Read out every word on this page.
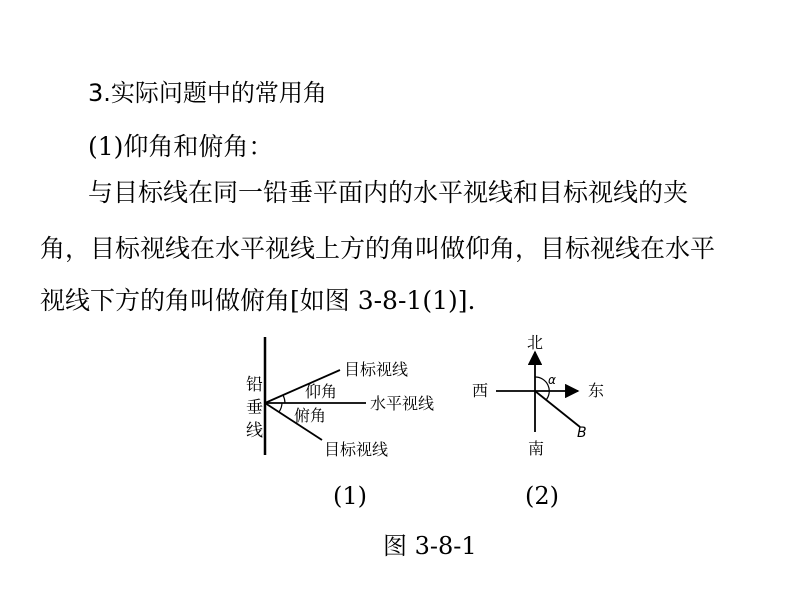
3.实际问题中的常用角
(1)仰角和俯角：
与目标线在同一铅垂平面内的水平视线和目标视线的夹
角，目标视线在水平视线上方的角叫做仰角，目标视线在水平
视线下方的角叫做俯角[如图 3-8-1(1)].
铅
垂
线
目标视线
仰角
水平视线
俯角
目标视线
北
西	东
南
α
B
(1)	(2)
图 3-8-1
